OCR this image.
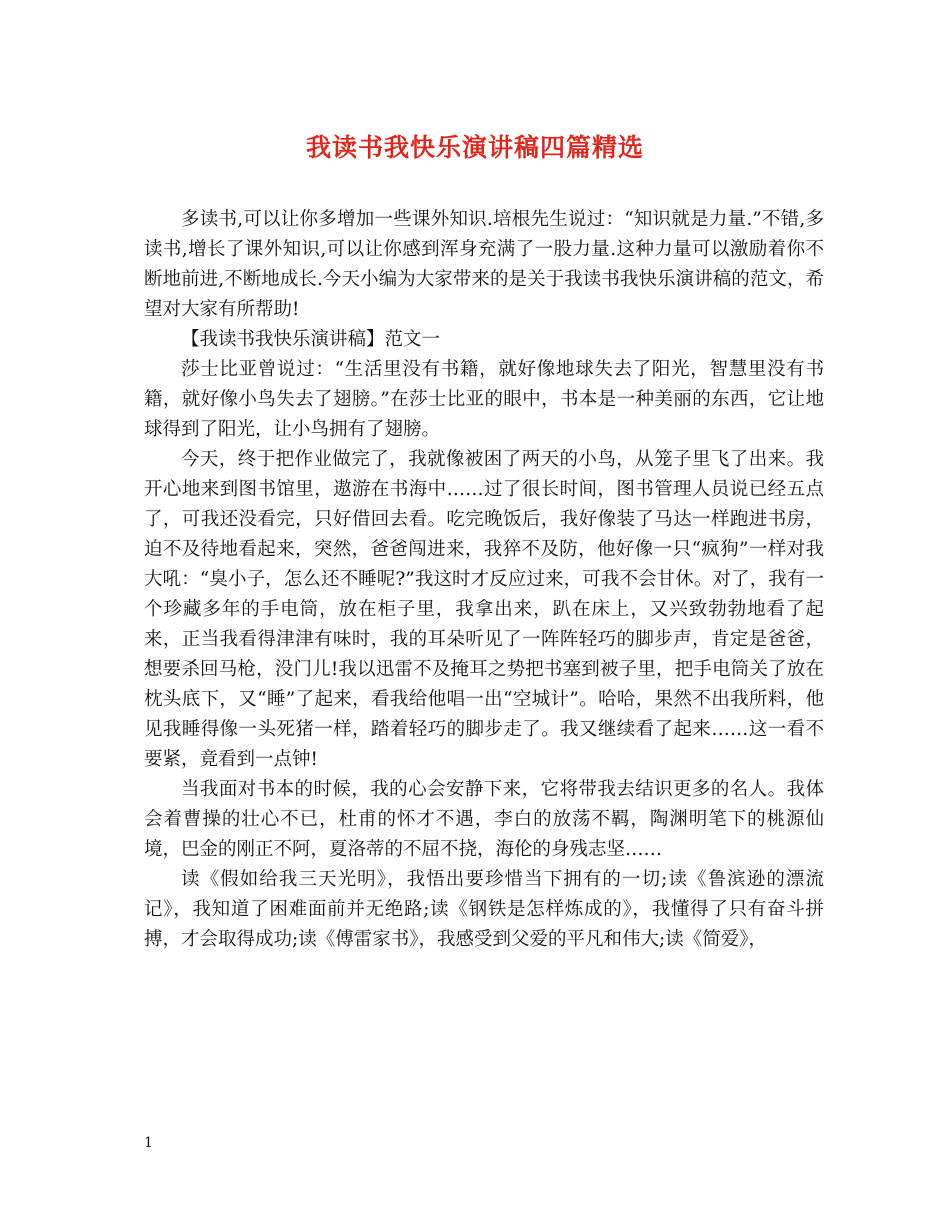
我读书我快乐演讲稿四篇精选

多读书,可以让你多增加一些课外知识.培根先生说过：“知识就是力量.”不错,多读书,增长了课外知识,可以让你感到浑身充满了一股力量.这种力量可以激励着你不断地前进,不断地成长.今天小编为大家带来的是关于我读书我快乐演讲稿的范文，希望对大家有所帮助!

【我读书我快乐演讲稿】范文一

莎士比亚曾说过：“生活里没有书籍，就好像地球失去了阳光，智慧里没有书籍，就好像小鸟失去了翅膀。”在莎士比亚的眼中，书本是一种美丽的东西，它让地球得到了阳光，让小鸟拥有了翅膀。

今天，终于把作业做完了，我就像被困了两天的小鸟，从笼子里飞了出来。我开心地来到图书馆里，遨游在书海中……过了很长时间，图书管理人员说已经五点了，可我还没看完，只好借回去看。吃完晚饭后，我好像装了马达一样跑进书房，迫不及待地看起来，突然，爸爸闯进来，我猝不及防，他好像一只“疯狗”一样对我大吼：“臭小子，怎么还不睡呢?”我这时才反应过来，可我不会甘休。对了，我有一个珍藏多年的手电筒，放在柜子里，我拿出来，趴在床上，又兴致勃勃地看了起来，正当我看得津津有味时，我的耳朵听见了一阵阵轻巧的脚步声，肯定是爸爸，想要杀回马枪，没门儿!我以迅雷不及掩耳之势把书塞到被子里，把手电筒关了放在枕头底下，又“睡”了起来，看我给他唱一出“空城计”。哈哈，果然不出我所料，他见我睡得像一头死猪一样，踏着轻巧的脚步走了。我又继续看了起来……这一看不要紧，竟看到一点钟!

当我面对书本的时候，我的心会安静下来，它将带我去结识更多的名人。我体会着曹操的壮心不已，杜甫的怀才不遇，李白的放荡不羁，陶渊明笔下的桃源仙境，巴金的刚正不阿，夏洛蒂的不屈不挠，海伦的身残志坚……

读《假如给我三天光明》，我悟出要珍惜当下拥有的一切;读《鲁滨逊的漂流记》，我知道了困难面前并无绝路;读《钢铁是怎样炼成的》，我懂得了只有奋斗拼搏，才会取得成功;读《傅雷家书》，我感受到父爱的平凡和伟大;读《简爱》，

1
